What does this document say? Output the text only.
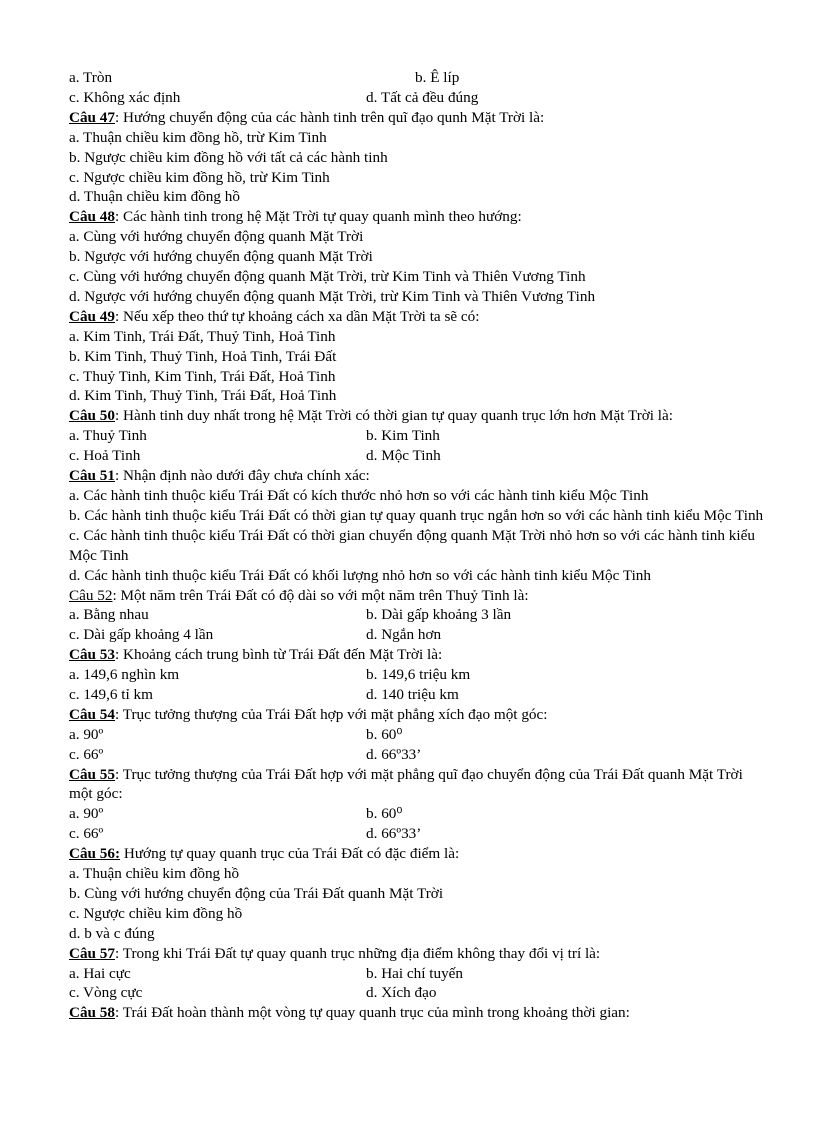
a. Tròn	b. Ê líp
c. Không xác định	d. Tất cả đều đúng
Câu 47: Hướng chuyển động của các hành tinh trên quĩ đạo qunh Mặt Trời là:
a. Thuận chiều kim đồng hồ, trừ Kim Tinh
b. Ngược chiều kim đồng hồ với tất cả các hành tinh
c. Ngược chiều kim đồng hồ, trừ Kim Tinh
d. Thuận chiều kim đồng hồ
Câu 48: Các hành tinh trong hệ Mặt Trời tự quay quanh mình theo hướng:
a. Cùng với hướng chuyển động quanh Mặt Trời
b. Ngược với hướng chuyển động quanh Mặt Trời
c. Cùng với hướng chuyển động quanh Mặt Trời, trừ Kim Tinh và Thiên Vương Tinh
d. Ngược với hướng chuyển động quanh Mặt Trời, trừ Kim Tinh và Thiên Vương Tinh
Câu 49: Nếu xếp theo thứ tự khoảng cách xa dần Mặt Trời ta sẽ có:
a. Kim Tinh, Trái Đất, Thuỷ Tinh, Hoả Tinh
b. Kim Tinh, Thuỷ Tinh, Hoả Tinh, Trái Đất
c. Thuỷ Tinh, Kim Tinh, Trái Đất, Hoả Tinh
d. Kim Tinh, Thuỷ Tinh, Trái Đất, Hoả Tinh
Câu 50: Hành tinh duy nhất trong hệ Mặt Trời có thời gian tự quay quanh trục lớn hơn Mặt Trời là:
a. Thuỷ Tinh	b. Kim Tinh
c. Hoả Tinh	d. Mộc Tinh
Câu 51: Nhận định nào dưới đây chưa chính xác:
a. Các hành tinh thuộc kiểu Trái Đất có kích thước nhỏ hơn so với các hành tinh kiểu Mộc Tinh
b. Các hành tinh thuộc kiểu Trái Đất có thời gian tự quay quanh trục ngắn hơn so với các hành tinh kiểu Mộc Tinh
c. Các hành tinh thuộc kiểu Trái Đất có thời gian chuyển động quanh Mặt Trời nhỏ hơn so với các hành tinh kiểu Mộc Tinh
d. Các hành tinh thuộc kiểu Trái Đất có khối lượng nhỏ hơn so với các hành tinh kiểu Mộc Tinh
Câu 52: Một năm trên Trái Đất có độ dài so với một năm trên Thuỷ Tinh là:
a. Bằng nhau	b. Dài gấp khoảng 3 lần
c. Dài gấp khoảng 4 lần	d. Ngắn hơn
Câu 53: Khoảng cách trung bình từ Trái Đất đến Mặt Trời là:
a. 149,6 nghìn km	b. 149,6 triệu km
c. 149,6 tỉ km	d. 140 triệu km
Câu 54: Trục tưởng thượng của Trái Đất hợp với mặt phẳng xích đạo một góc:
a. 90º	b. 60⁰
c. 66º	d. 66º33’
Câu 55: Trục tưởng thượng của Trái Đất hợp với mặt phẳng quĩ đạo chuyển động của Trái Đất quanh Mặt Trời một góc:
a. 90º	b. 60⁰
c. 66º	d. 66º33’
Câu 56: Hướng tự quay quanh trục của Trái Đất có đặc điểm là:
a. Thuận chiều kim đồng hồ
b. Cùng với hướng chuyển động của Trái Đất quanh Mặt Trời
c. Ngược chiều kim đồng hồ
d. b và c đúng
Câu 57: Trong khi Trái Đất tự quay quanh trục những địa điểm không thay đổi vị trí là:
a. Hai cực	b. Hai chí tuyến
c. Vòng cực	d. Xích đạo
Câu 58: Trái Đất hoàn thành một vòng tự quay quanh trục của mình trong khoảng thời gian:
